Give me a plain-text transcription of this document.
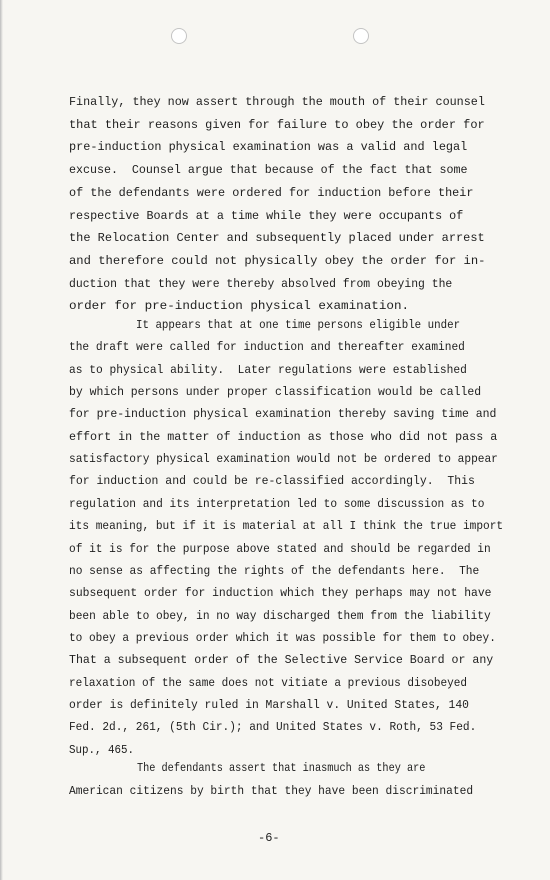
Finally, they now assert through the mouth of their counsel
that their reasons given for failure to obey the order for
pre-induction physical examination was a valid and legal
excuse.  Counsel argue that because of the fact that some
of the defendants were ordered for induction before their
respective Boards at a time while they were occupants of
the Relocation Center and subsequently placed under arrest
and therefore could not physically obey the order for in-
duction that they were thereby absolved from obeying the
order for pre-induction physical examination.
It appears that at one time persons eligible under
the draft were called for induction and thereafter examined
as to physical ability.  Later regulations were established
by which persons under proper classification would be called
for pre-induction physical examination thereby saving time and
effort in the matter of induction as those who did not pass a
satisfactory physical examination would not be ordered to appear
for induction and could be re-classified accordingly.  This
regulation and its interpretation led to some discussion as to
its meaning, but if it is material at all I think the true import
of it is for the purpose above stated and should be regarded in
no sense as affecting the rights of the defendants here.  The
subsequent order for induction which they perhaps may not have
been able to obey, in no way discharged them from the liability
to obey a previous order which it was possible for them to obey.
That a subsequent order of the Selective Service Board or any
relaxation of the same does not vitiate a previous disobeyed
order is definitely ruled in Marshall v. United States, 140
Fed. 2d., 261, (5th Cir.); and United States v. Roth, 53 Fed.
Sup., 465.
The defendants assert that inasmuch as they are
American citizens by birth that they have been discriminated
-6-
